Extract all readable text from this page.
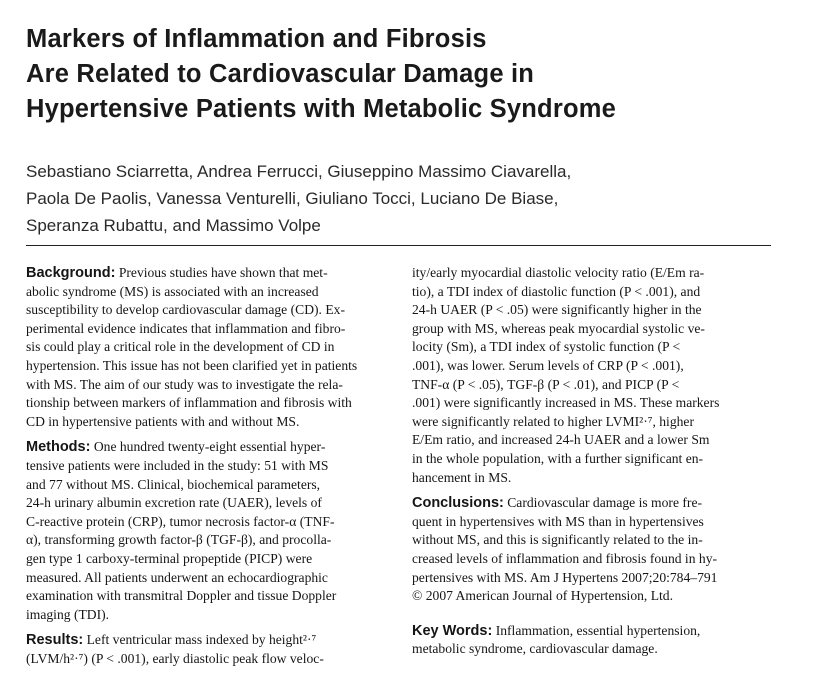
Markers of Inflammation and Fibrosis
Are Related to Cardiovascular Damage in
Hypertensive Patients with Metabolic Syndrome
Sebastiano Sciarretta, Andrea Ferrucci, Giuseppino Massimo Ciavarella,
Paola De Paolis, Vanessa Venturelli, Giuliano Tocci, Luciano De Biase,
Speranza Rubattu, and Massimo Volpe

Background: Previous studies have shown that met-
abolic syndrome (MS) is associated with an increased
susceptibility to develop cardiovascular damage (CD). Ex-
perimental evidence indicates that inflammation and fibro-
sis could play a critical role in the development of CD in
hypertension. This issue has not been clarified yet in patients
with MS. The aim of our study was to investigate the rela-
tionship between markers of inflammation and fibrosis with
CD in hypertensive patients with and without MS.

Methods: One hundred twenty-eight essential hyper-
tensive patients were included in the study: 51 with MS
and 77 without MS. Clinical, biochemical parameters,
24-h urinary albumin excretion rate (UAER), levels of
C-reactive protein (CRP), tumor necrosis factor-α (TNF-
α), transforming growth factor-β (TGF-β), and procolla-
gen type 1 carboxy-terminal propeptide (PICP) were
measured. All patients underwent an echocardiographic
examination with transmitral Doppler and tissue Doppler
imaging (TDI).

Results: Left ventricular mass indexed by height²·⁷
(LVM/h²·⁷) (P < .001), early diastolic peak flow veloc-

ity/early myocardial diastolic velocity ratio (E/Em ra-
tio), a TDI index of diastolic function (P < .001), and
24-h UAER (P < .05) were significantly higher in the
group with MS, whereas peak myocardial systolic ve-
locity (Sm), a TDI index of systolic function (P <
.001), was lower. Serum levels of CRP (P < .001),
TNF-α (P < .05), TGF-β (P < .01), and PICP (P <
.001) were significantly increased in MS. These markers
were significantly related to higher LVMI²·⁷, higher
E/Em ratio, and increased 24-h UAER and a lower Sm
in the whole population, with a further significant en-
hancement in MS.

Conclusions: Cardiovascular damage is more fre-
quent in hypertensives with MS than in hypertensives
without MS, and this is significantly related to the in-
creased levels of inflammation and fibrosis found in hy-
pertensives with MS. Am J Hypertens 2007;20:784–791
© 2007 American Journal of Hypertension, Ltd.

Key Words: Inflammation, essential hypertension,
metabolic syndrome, cardiovascular damage.
